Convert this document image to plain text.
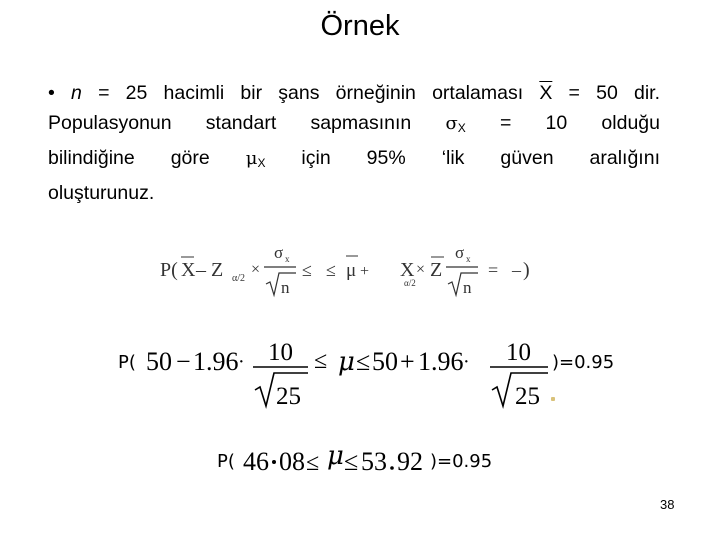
Örnek
• n = 25 hacimli bir şans örneğinin ortalaması $\overline{X} = 50$ dir.
Populasyonun standart sapmasının $\sigma_X = 10$ olduğu
bilindiğine göre $\mu_X$ için 95% ‘lik güven aralığını
oluşturunuz.
P( X – Z α/2
×
σ x
n
≤ ≤ μ + X × Z
α/2
σ x
n
= – )
P( 50 − 1.96 · 10
25
≤ μ ≤ 50 + 1.96 · 10
25
)=0.95
P( 46 08 ≤ μ ≤ 53 92 )=0.95
38
